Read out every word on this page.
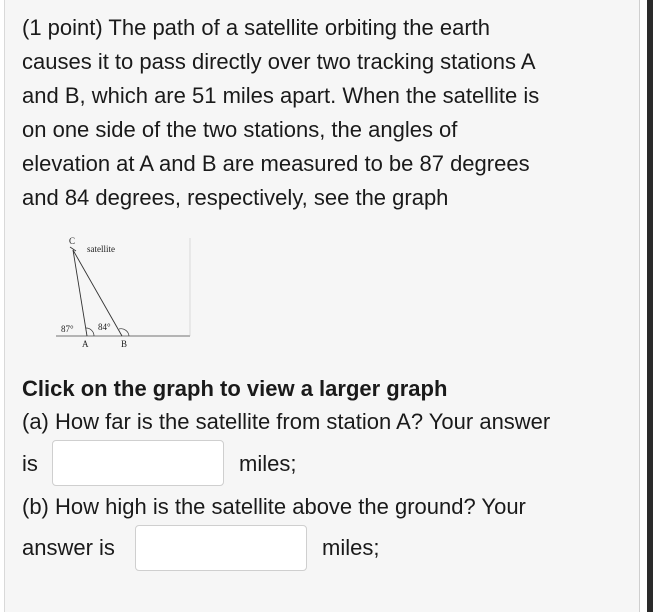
(1 point) The path of a satellite orbiting the earth
causes it to pass directly over two tracking stations A
and B, which are 51 miles apart. When the satellite is
on one side of the two stations, the angles of
elevation at A and B are measured to be 87 degrees
and 84 degrees, respectively, see the graph
C
satellite
87°	84°
A	B
Click on the graph to view a larger graph
(a) How far is the satellite from station A? Your answer
is	miles;
(b) How high is the satellite above the ground? Your
answer is	miles;
